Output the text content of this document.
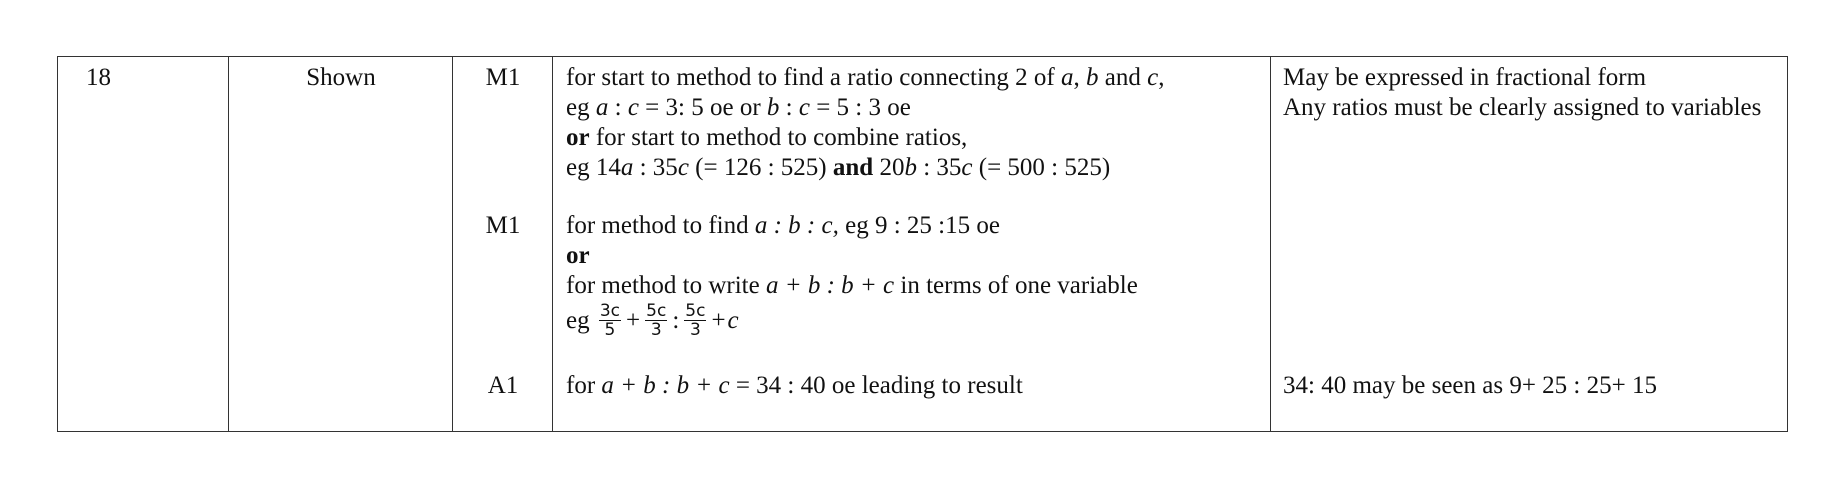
18	Shown	M1
M1
A1
for start to method to find a ratio connecting 2 of a, b and c,
eg a : c = 3: 5 oe or b : c = 5 : 3 oe
or for start to method to combine ratios,
eg 14a : 35c (= 126 : 525) and 20b : 35c (= 500 : 525)
for method to find a : b : c, eg 9 : 25 :15 oe
or
for method to write a + b : b + c in terms of one variable
eg $\frac{3c}{5} + \frac{5c}{3}$ : $\frac{5c}{3} +c$
for a + b : b + c = 34 : 40 oe leading to result
May be expressed in fractional form
Any ratios must be clearly assigned to variables
34: 40 may be seen as 9+ 25 : 25+ 15
